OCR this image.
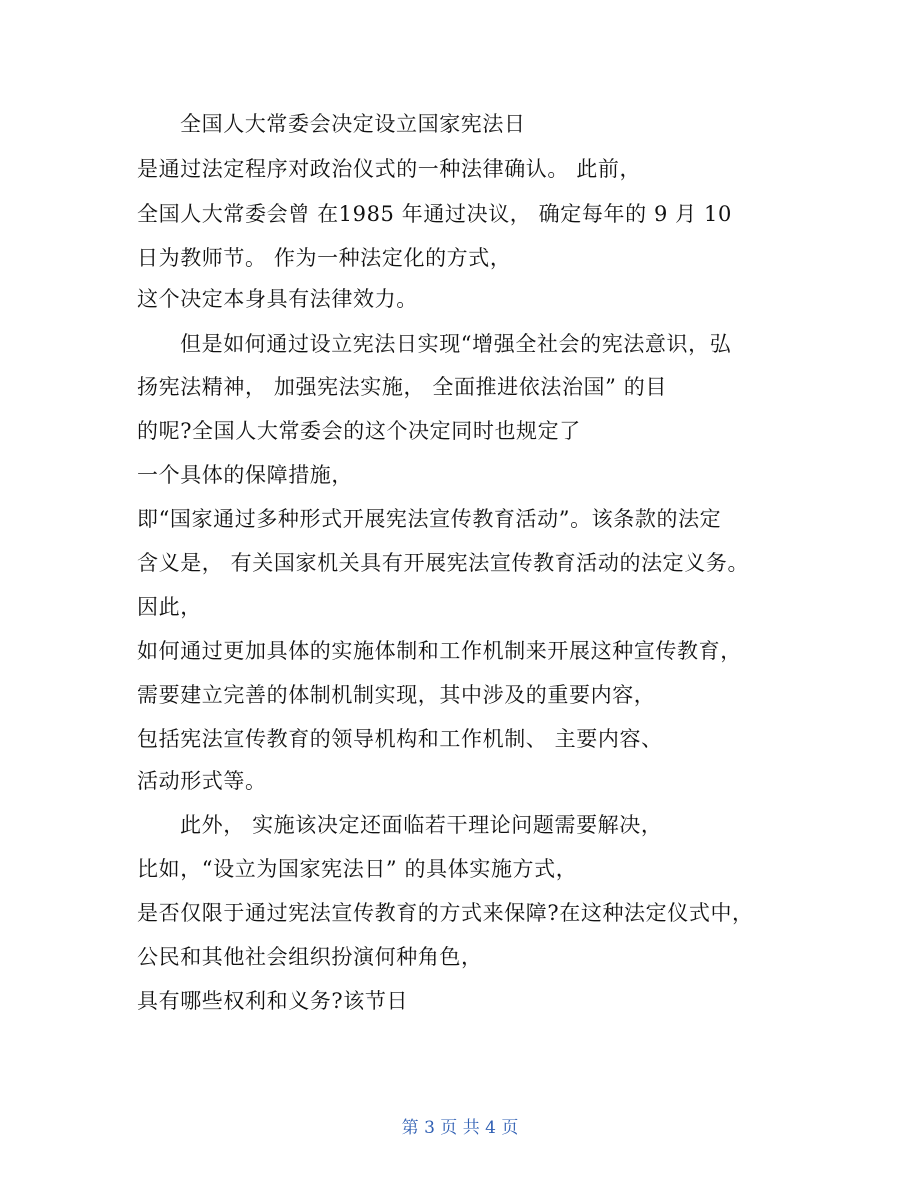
全国人大常委会决定设立国家宪法日
是通过法定程序对政治仪式的一种法律确认。 此前，
全国人大常委会曾 在1985 年通过决议， 确定每年的 9 月 10
日为教师节。 作为一种法定化的方式，
这个决定本身具有法律效力。
但是如何通过设立宪法日实现“增强全社会的宪法意识，弘
扬宪法精神， 加强宪法实施， 全面推进依法治国” 的目
的呢?全国人大常委会的这个决定同时也规定了
一个具体的保障措施，
即“国家通过多种形式开展宪法宣传教育活动”。该条款的法定
含义是， 有关国家机关具有开展宪法宣传教育活动的法定义务。
因此，
如何通过更加具体的实施体制和工作机制来开展这种宣传教育，
需要建立完善的体制机制实现，其中涉及的重要内容，
包括宪法宣传教育的领导机构和工作机制、 主要内容、
活动形式等。
此外， 实施该决定还面临若干理论问题需要解决，
比如，“设立为国家宪法日” 的具体实施方式，
是否仅限于通过宪法宣传教育的方式来保障?在这种法定仪式中，
公民和其他社会组织扮演何种角色，
具有哪些权利和义务?该节日
第 3 页 共 4 页
